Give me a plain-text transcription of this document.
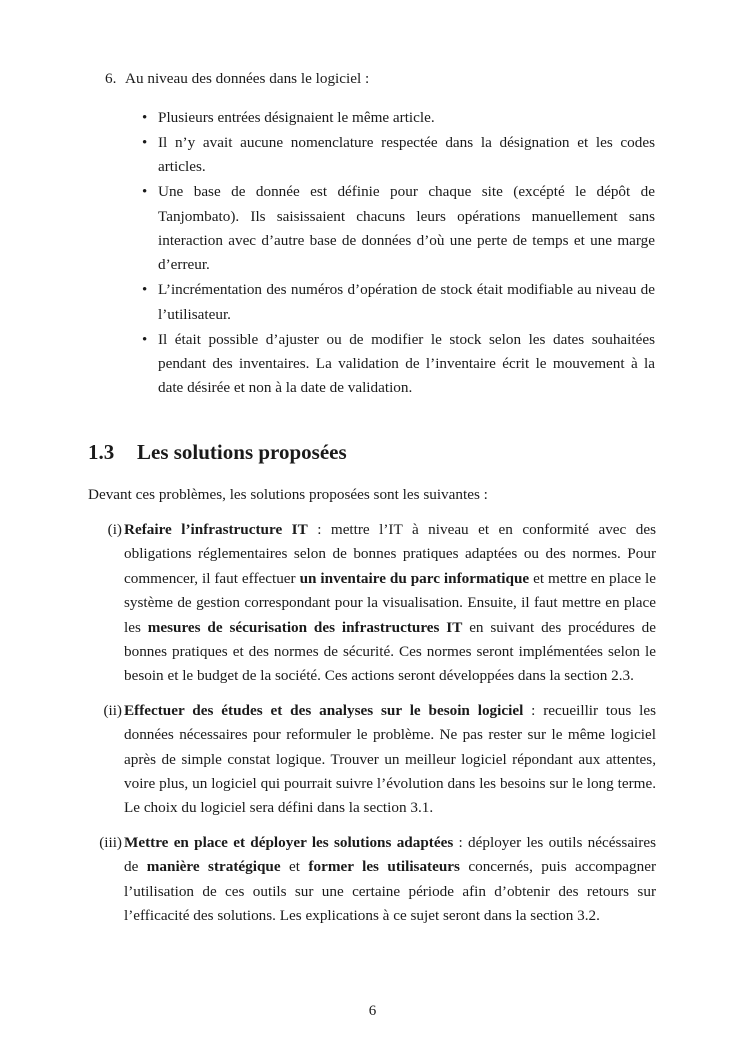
6. Au niveau des données dans le logiciel :
• Plusieurs entrées désignaient le même article.
• Il n’y avait aucune nomenclature respectée dans la désignation et les codes articles.
• Une base de donnée est définie pour chaque site (excépté le dépôt de Tanjombato). Ils saisissaient chacuns leurs opérations manuellement sans interaction avec d’autre base de données d’où une perte de temps et une marge d’erreur.
• L’incrémentation des numéros d’opération de stock était modifiable au niveau de l’utilisateur.
• Il était possible d’ajuster ou de modifier le stock selon les dates souhaitées pendant des inventaires. La validation de l’inventaire écrit le mouvement à la date désirée et non à la date de validation.
1.3 Les solutions proposées
Devant ces problèmes, les solutions proposées sont les suivantes :
(i) Refaire l’infrastructure IT : mettre l’IT à niveau et en conformité avec des obligations réglementaires selon de bonnes pratiques adaptées ou des normes. Pour commencer, il faut effectuer un inventaire du parc informatique et mettre en place le système de gestion correspondant pour la visualisation. Ensuite, il faut mettre en place les mesures de sécurisation des infrastructures IT en suivant des procédures de bonnes pratiques et des normes de sécurité. Ces normes seront implémentées selon le besoin et le budget de la société. Ces actions seront développées dans la section 2.3.
(ii) Effectuer des études et des analyses sur le besoin logiciel : recueillir tous les données nécessaires pour reformuler le problème. Ne pas rester sur le même logiciel après de simple constat logique. Trouver un meilleur logiciel répondant aux attentes, voire plus, un logiciel qui pourrait suivre l’évolution dans les besoins sur le long terme. Le choix du logiciel sera défini dans la section 3.1.
(iii) Mettre en place et déployer les solutions adaptées : déployer les outils nécéssaires de manière stratégique et former les utilisateurs concernés, puis accompagner l’utilisation de ces outils sur une certaine période afin d’obtenir des retours sur l’efficacité des solutions. Les explications à ce sujet seront dans la section 3.2.
6
